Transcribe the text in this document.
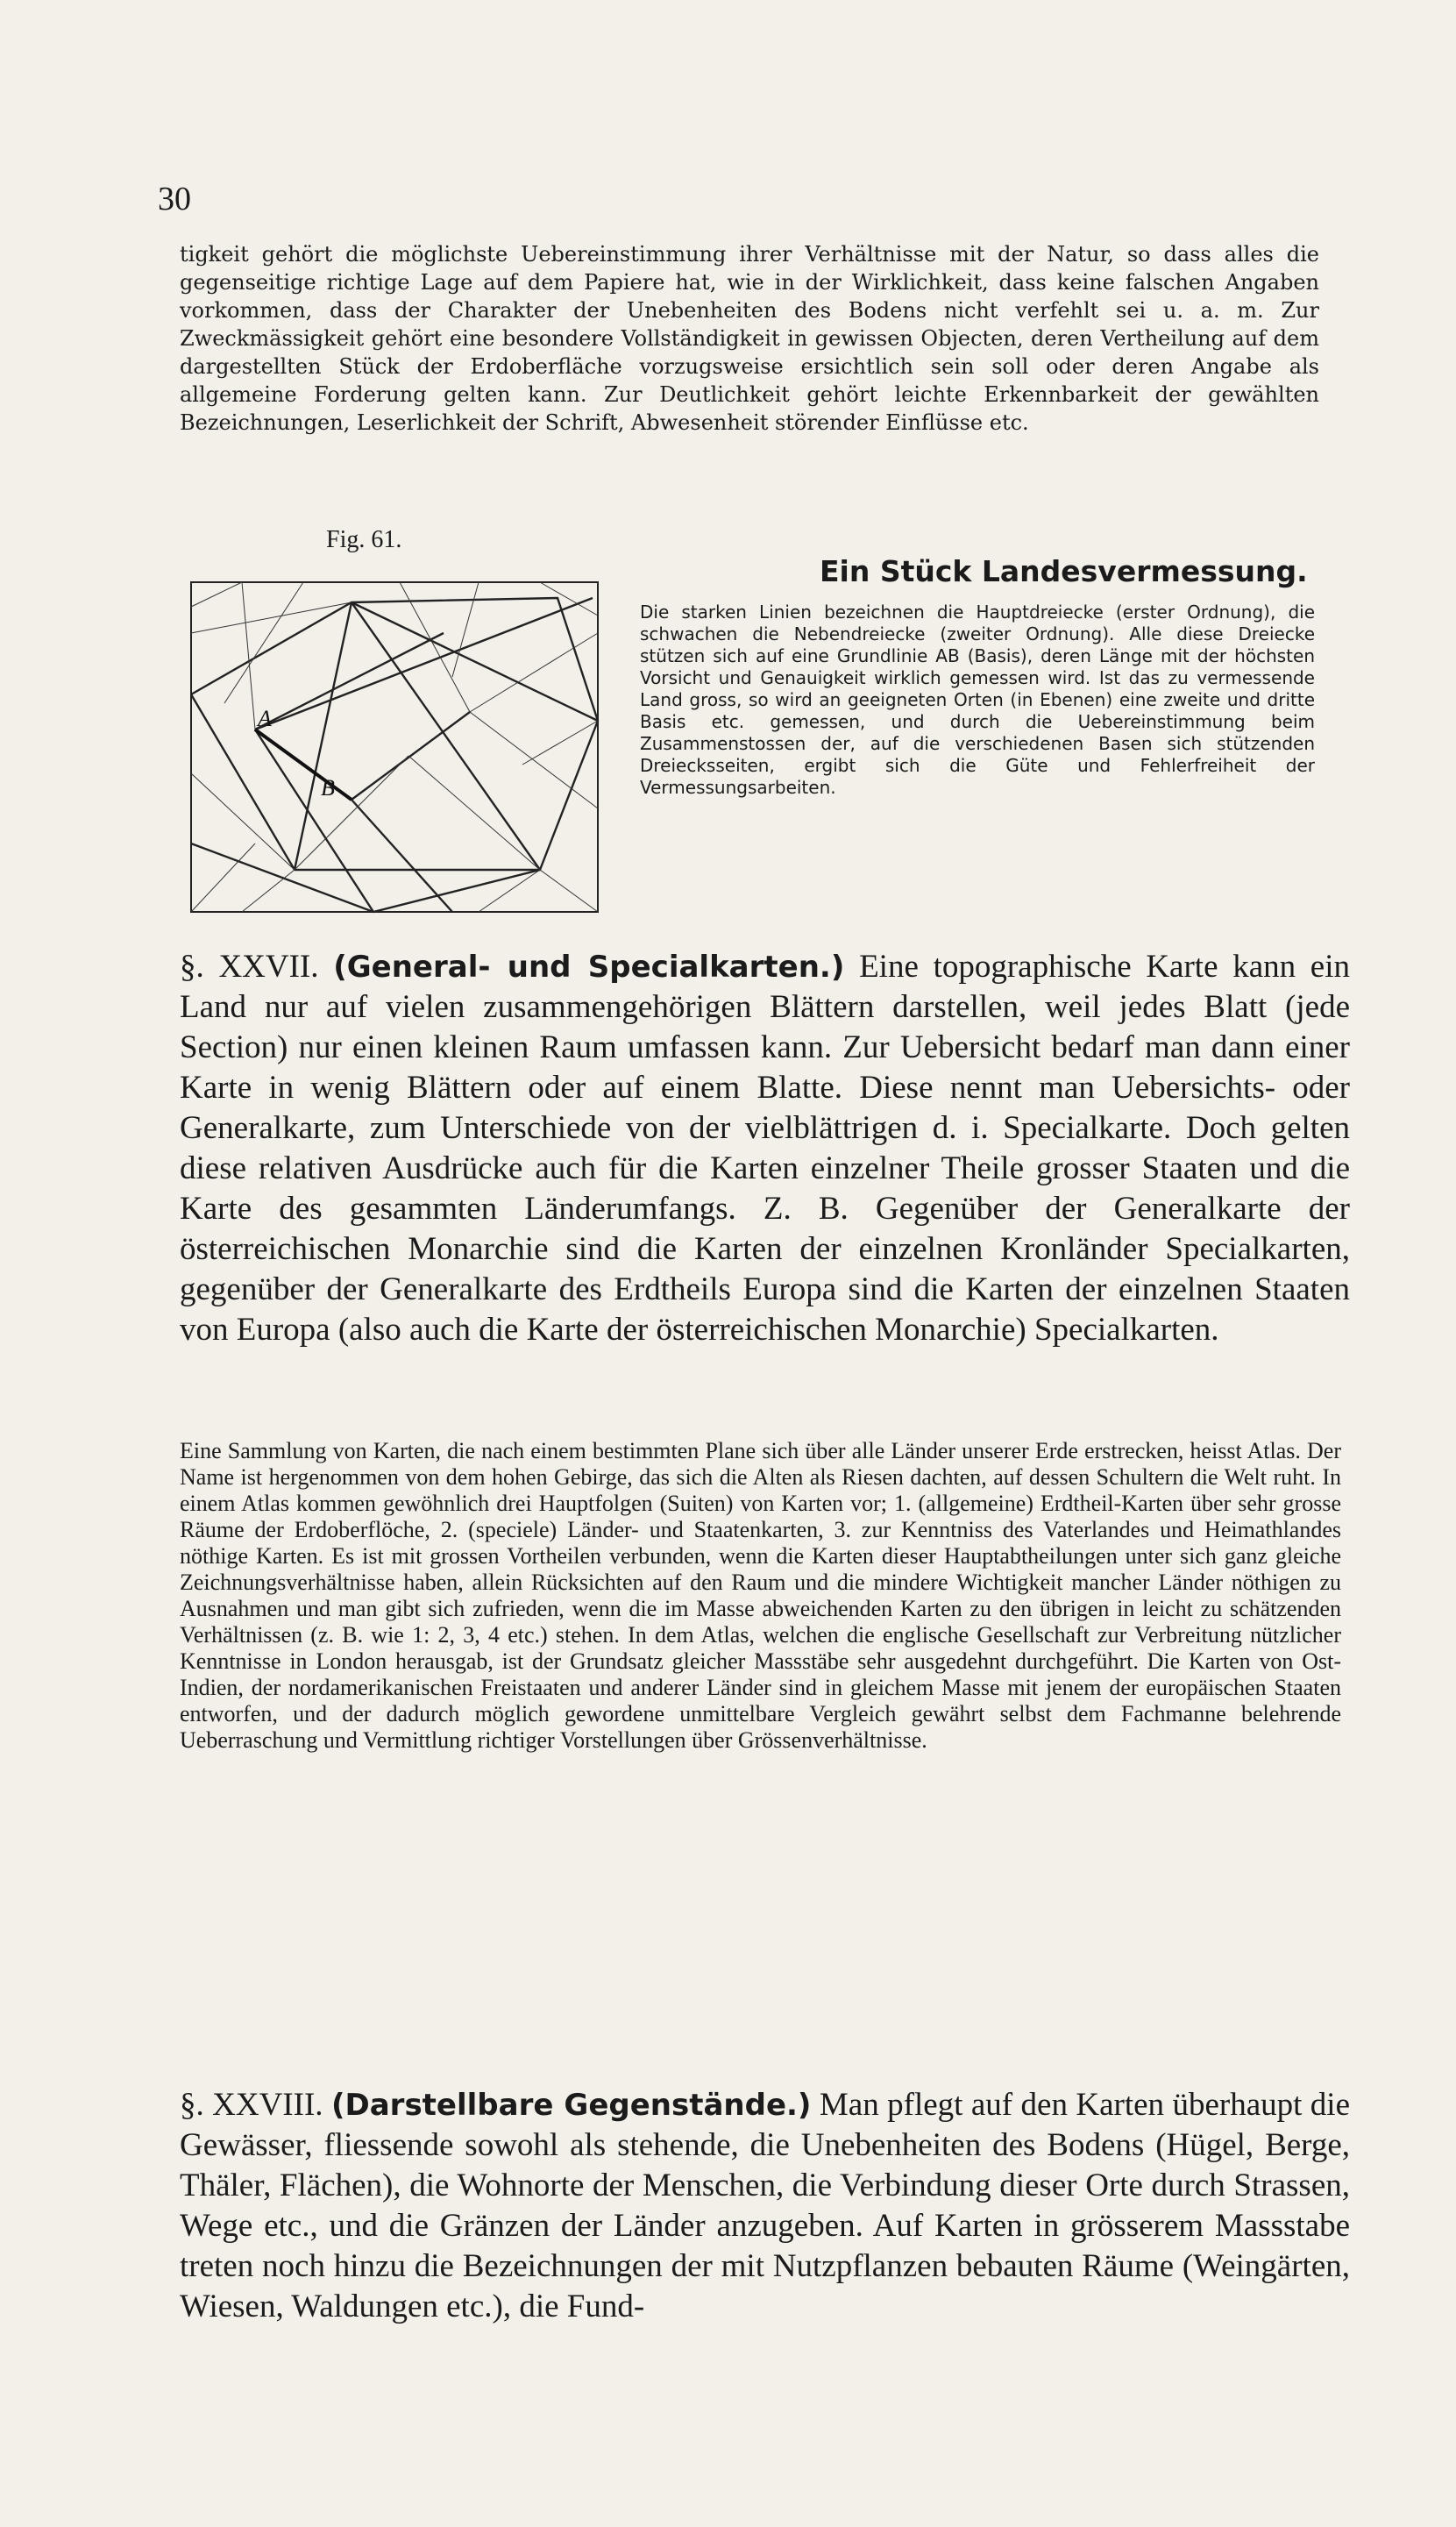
30
tigkeit gehört die möglichste Uebereinstimmung ihrer Verhältnisse mit der Natur, so dass alles die gegenseitige richtige Lage auf dem Papiere hat, wie in der Wirklichkeit, dass keine falschen Angaben vorkommen, dass der Charakter der Unebenheiten des Bodens nicht verfehlt sei u. a. m. Zur Zweckmässigkeit gehört eine besondere Vollständigkeit in gewissen Objecten, deren Vertheilung auf dem dargestellten Stück der Erdoberfläche vorzugsweise ersichtlich sein soll oder deren Angabe als allgemeine Forderung gelten kann. Zur Deutlichkeit gehört leichte Erkennbarkeit der gewählten Bezeichnungen, Leserlichkeit der Schrift, Abwesenheit störender Einflüsse etc.
Fig. 61.
A
B
Ein Stück Landesvermessung.
Die starken Linien bezeichnen die Hauptdreiecke (erster Ordnung), die schwachen die Nebendreiecke (zweiter Ordnung). Alle diese Dreiecke stützen sich auf eine Grundlinie AB (Basis), deren Länge mit der höchsten Vorsicht und Genauigkeit wirklich gemessen wird. Ist das zu vermessende Land gross, so wird an geeigneten Orten (in Ebenen) eine zweite und dritte Basis etc. gemessen, und durch die Uebereinstimmung beim Zusammenstossen der, auf die verschiedenen Basen sich stützenden Dreiecksseiten, ergibt sich die Güte und Fehlerfreiheit der Vermessungsarbeiten.
§. XXVII. (General- und Specialkarten.) Eine topographische Karte kann ein Land nur auf vielen zusammengehörigen Blättern darstellen, weil jedes Blatt (jede Section) nur einen kleinen Raum umfassen kann. Zur Uebersicht bedarf man dann einer Karte in wenig Blättern oder auf einem Blatte. Diese nennt man Uebersichts- oder Generalkarte, zum Unterschiede von der vielblättrigen d. i. Specialkarte. Doch gelten diese relativen Ausdrücke auch für die Karten einzelner Theile grosser Staaten und die Karte des gesammten Länderumfangs. Z. B. Gegenüber der Generalkarte der österreichischen Monarchie sind die Karten der einzelnen Kronländer Specialkarten, gegenüber der Generalkarte des Erdtheils Europa sind die Karten der einzelnen Staaten von Europa (also auch die Karte der österreichischen Monarchie) Specialkarten.
Eine Sammlung von Karten, die nach einem bestimmten Plane sich über alle Länder unserer Erde erstrecken, heisst Atlas. Der Name ist hergenommen von dem hohen Gebirge, das sich die Alten als Riesen dachten, auf dessen Schultern die Welt ruht. In einem Atlas kommen gewöhnlich drei Hauptfolgen (Suiten) von Karten vor; 1. (allgemeine) Erdtheil-Karten über sehr grosse Räume der Erdoberflöche, 2. (speciele) Länder- und Staatenkarten, 3. zur Kenntniss des Vaterlandes und Heimathlandes nöthige Karten. Es ist mit grossen Vortheilen verbunden, wenn die Karten dieser Hauptabtheilungen unter sich ganz gleiche Zeichnungsverhältnisse haben, allein Rücksichten auf den Raum und die mindere Wichtigkeit mancher Länder nöthigen zu Ausnahmen und man gibt sich zufrieden, wenn die im Masse abweichenden Karten zu den übrigen in leicht zu schätzenden Verhältnissen (z. B. wie 1: 2, 3, 4 etc.) stehen. In dem Atlas, welchen die englische Gesellschaft zur Verbreitung nützlicher Kenntnisse in London herausgab, ist der Grundsatz gleicher Massstäbe sehr ausgedehnt durchgeführt. Die Karten von Ost-Indien, der nordamerikanischen Freistaaten und anderer Länder sind in gleichem Masse mit jenem der europäischen Staaten entworfen, und der dadurch möglich gewordene unmittelbare Vergleich gewährt selbst dem Fachmanne belehrende Ueberraschung und Vermittlung richtiger Vorstellungen über Grössenverhältnisse.
§. XXVIII. (Darstellbare Gegenstände.) Man pflegt auf den Karten überhaupt die Gewässer, fliessende sowohl als stehende, die Unebenheiten des Bodens (Hügel, Berge, Thäler, Flächen), die Wohnorte der Menschen, die Verbindung dieser Orte durch Strassen, Wege etc., und die Gränzen der Länder anzugeben. Auf Karten in grösserem Massstabe treten noch hinzu die Bezeichnungen der mit Nutzpflanzen bebauten Räume (Weingärten, Wiesen, Waldungen etc.), die Fund-
